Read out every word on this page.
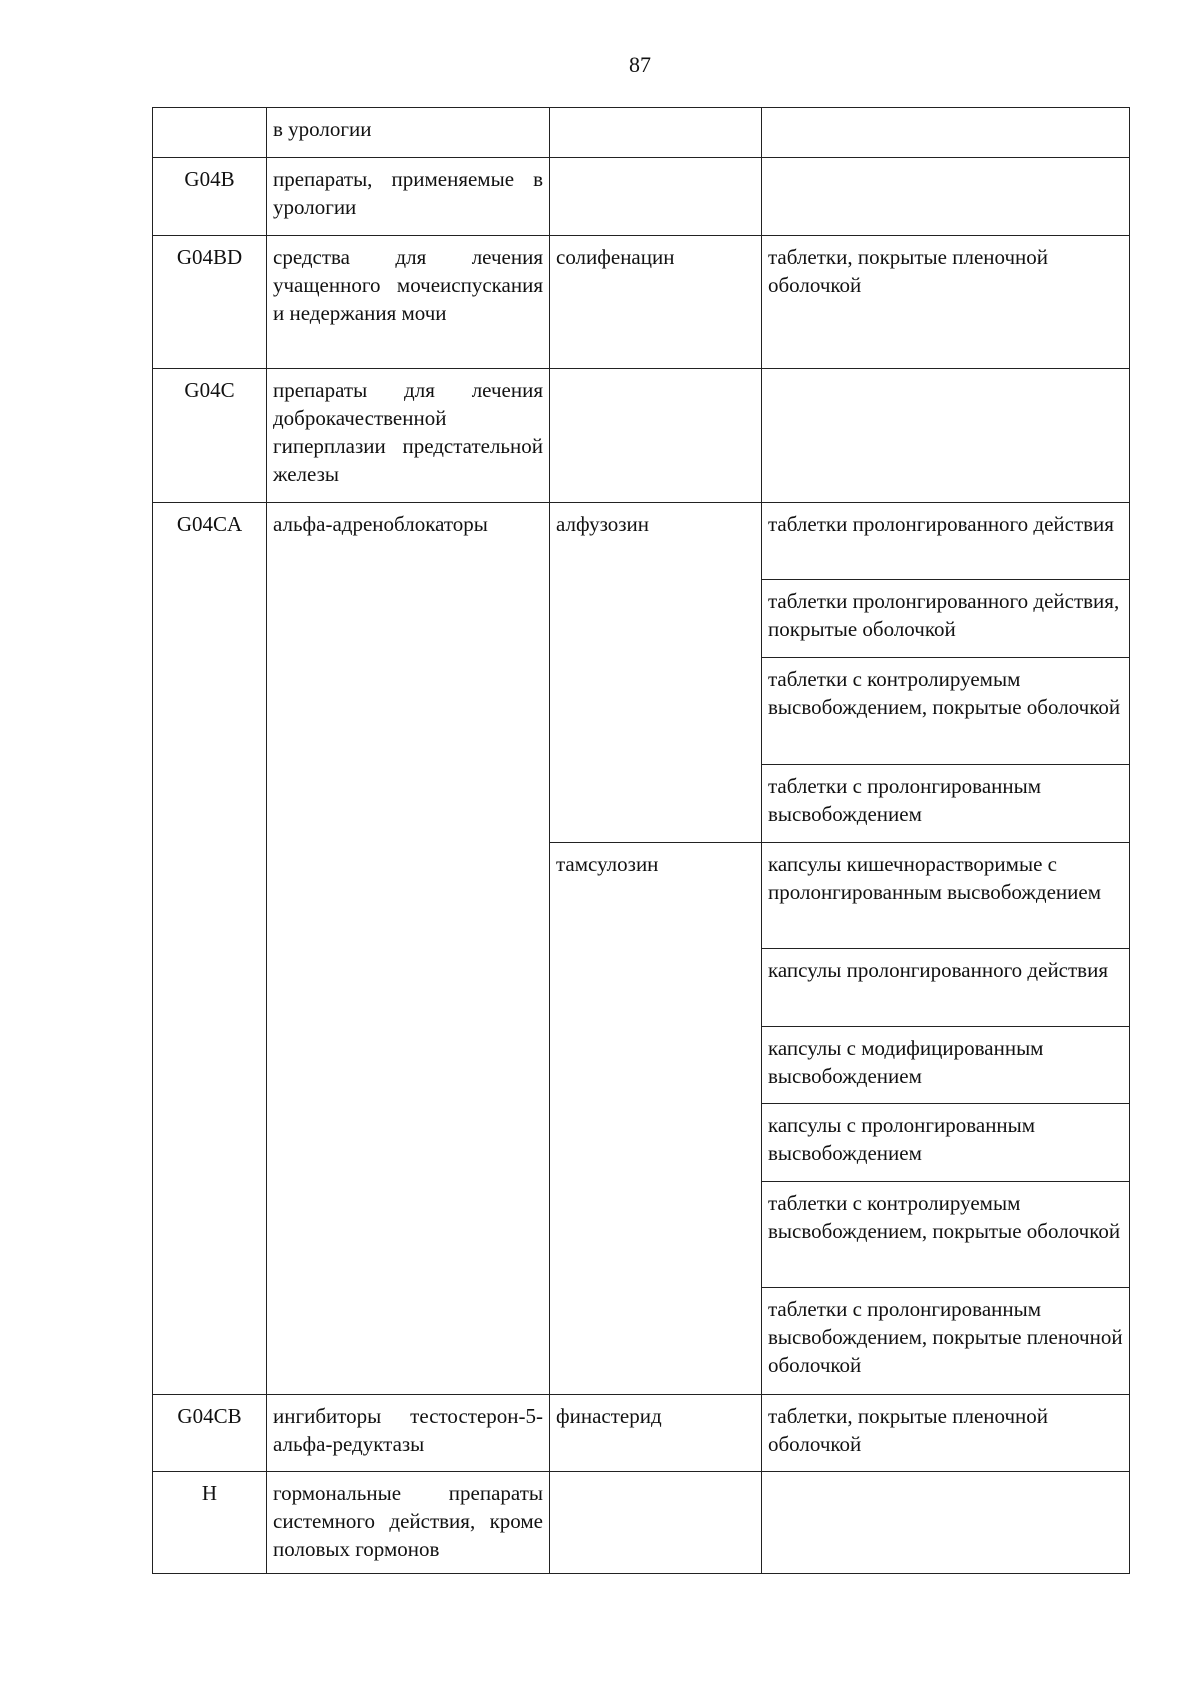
87
	в урологии		
G04B	препараты, применяемые в урологии		
G04BD	средства для лечения учащенного мочеиспускания и недержания мочи	солифенацин	таблетки, покрытые пленочной оболочкой
G04C	препараты для лечения доброкачественной гиперплазии предстательной железы		
G04CA	альфа-адреноблокаторы	алфузозин	таблетки пролонгированного действия
			таблетки пролонгированного действия, покрытые оболочкой
			таблетки с контролируемым высвобождением, покрытые оболочкой
			таблетки с пролонгированным высвобождением
		тамсулозин	капсулы кишечнорастворимые с пролонгированным высвобождением
			капсулы пролонгированного действия
			капсулы с модифицированным высвобождением
			капсулы с пролонгированным высвобождением
			таблетки с контролируемым высвобождением, покрытые оболочкой
			таблетки с пролонгированным высвобождением, покрытые пленочной оболочкой
G04CB	ингибиторы тестостерон-5-альфа-редуктазы	финастерид	таблетки, покрытые пленочной оболочкой
H	гормональные препараты системного действия, кроме половых гормонов		
